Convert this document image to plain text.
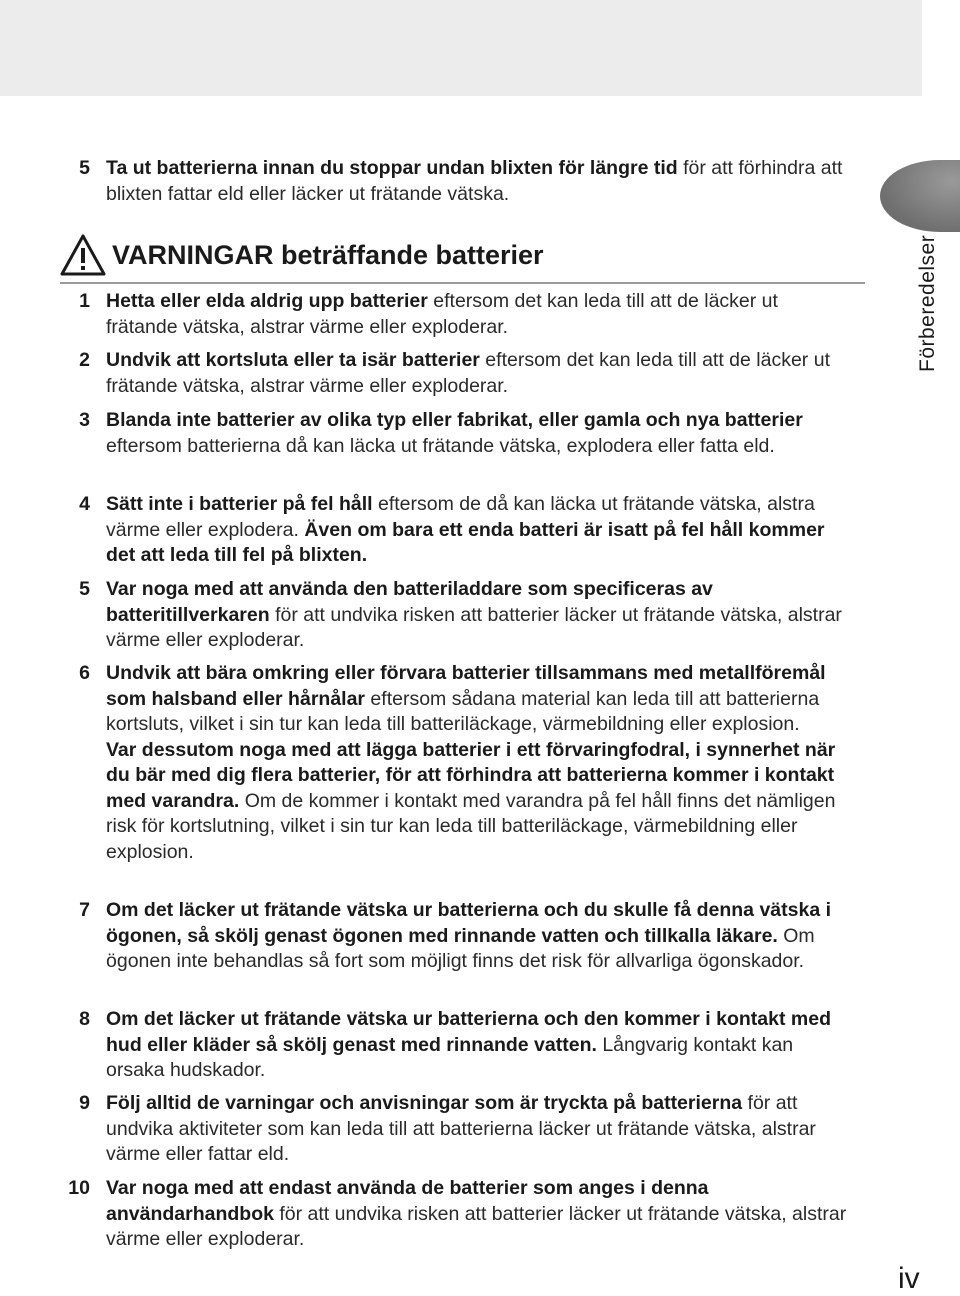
Förberedelser
5 Ta ut batterierna innan du stoppar undan blixten för längre tid för att förhindra att blixten fattar eld eller läcker ut frätande vätska.
VARNINGAR beträffande batterier
1 Hetta eller elda aldrig upp batterier eftersom det kan leda till att de läcker ut frätande vätska, alstrar värme eller exploderar.
2 Undvik att kortsluta eller ta isär batterier eftersom det kan leda till att de läcker ut frätande vätska, alstrar värme eller exploderar.
3 Blanda inte batterier av olika typ eller fabrikat, eller gamla och nya batterier eftersom batterierna då kan läcka ut frätande vätska, explodera eller fatta eld.
4 Sätt inte i batterier på fel håll eftersom de då kan läcka ut frätande vätska, alstra värme eller explodera. Även om bara ett enda batteri är isatt på fel håll kommer det att leda till fel på blixten.
5 Var noga med att använda den batteriladdare som specificeras av batteritillverkaren för att undvika risken att batterier läcker ut frätande vätska, alstrar värme eller exploderar.
6 Undvik att bära omkring eller förvara batterier tillsammans med metallföremål som halsband eller hårnålar eftersom sådana material kan leda till att batterierna kortsluts, vilket i sin tur kan leda till batteriläckage, värmebildning eller explosion.
Var dessutom noga med att lägga batterier i ett förvaringfodral, i synnerhet när du bär med dig flera batterier, för att förhindra att batterierna kommer i kontakt med varandra. Om de kommer i kontakt med varandra på fel håll finns det nämligen risk för kortslutning, vilket i sin tur kan leda till batteriläckage, värmebildning eller explosion.
7 Om det läcker ut frätande vätska ur batterierna och du skulle få denna vätska i ögonen, så skölj genast ögonen med rinnande vatten och tillkalla läkare. Om ögonen inte behandlas så fort som möjligt finns det risk för allvarliga ögonskador.
8 Om det läcker ut frätande vätska ur batterierna och den kommer i kontakt med hud eller kläder så skölj genast med rinnande vatten. Långvarig kontakt kan orsaka hudskador.
9 Följ alltid de varningar och anvisningar som är tryckta på batterierna för att undvika aktiviteter som kan leda till att batterierna läcker ut frätande vätska, alstrar värme eller fattar eld.
10 Var noga med att endast använda de batterier som anges i denna användarhandbok för att undvika risken att batterier läcker ut frätande vätska, alstrar värme eller exploderar.
iv
